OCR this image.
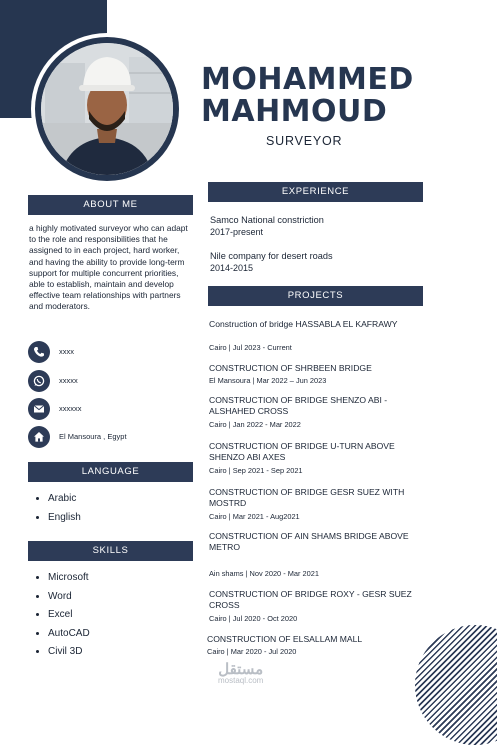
MOHAMMED
MAHMOUD
SURVEYOR
ABOUT ME
a highly motivated surveyor who can adapt to the role and responsibilities that he assigned to in each project, hard worker, and having the ability to provide long-term support for multiple concurrent priorities, able to establish, maintain and develop effective team relationships with partners and moderators.
xxxx
xxxxx
xxxxxx
El Mansoura , Egypt
LANGUAGE
• Arabic
• English
SKILLS
• Microsoft
• Word
• Excel
• AutoCAD
• Civil 3D
EXPERIENCE
Samco National constriction
2017-present
Nile company for desert roads
2014-2015
PROJECTS
Construction of bridge HASSABLA EL KAFRAWY
Cairo | Jul 2023 - Current
CONSTRUCTION OF SHRBEEN BRIDGE
El Mansoura | Mar 2022 – Jun 2023
CONSTRUCTION OF BRIDGE SHENZO ABI - ALSHAHED CROSS
Cairo | Jan 2022 - Mar 2022
CONSTRUCTION OF BRIDGE U-TURN ABOVE SHENZO ABI AXES
Cairo | Sep 2021 - Sep 2021
CONSTRUCTION OF BRIDGE GESR SUEZ WITH MOSTRD
Cairo | Mar 2021 - Aug2021
CONSTRUCTION OF AIN SHAMS BRIDGE ABOVE METRO
Ain shams | Nov 2020 - Mar 2021
CONSTRUCTION OF BRIDGE ROXY - GESR SUEZ CROSS
Cairo | Jul 2020 - Oct 2020
CONSTRUCTION OF ELSALLAM MALL
Cairo | Mar 2020 - Jul 2020
مستقل
mostaql.com
